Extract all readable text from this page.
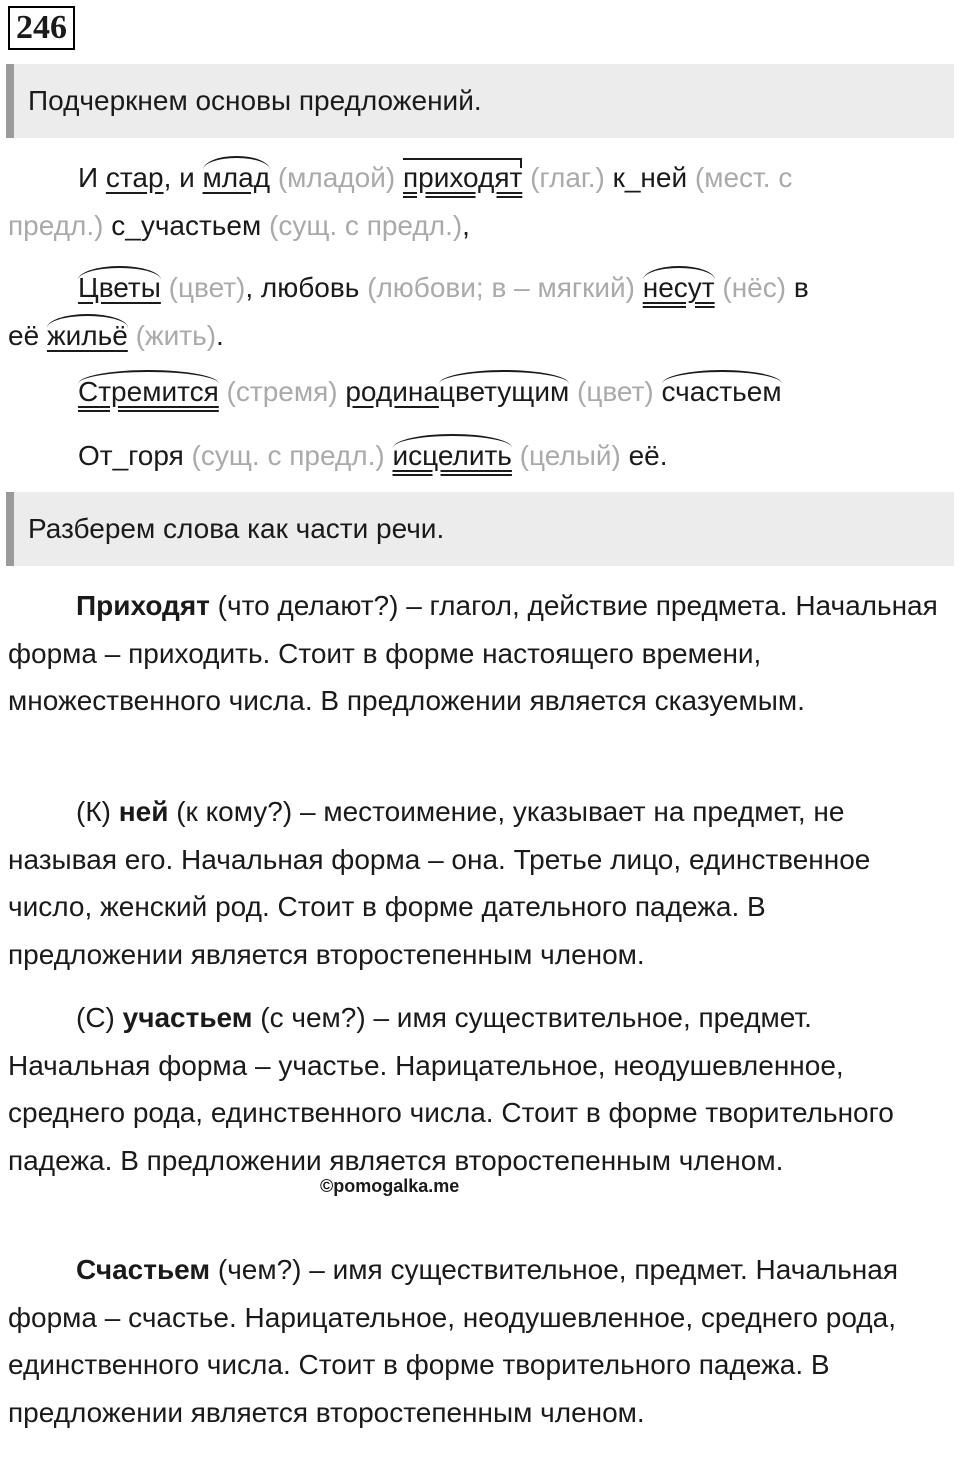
246
Подчеркнем основы предложений.
И стар, и млад (младой) приходят (глаг.) к_ней (мест. с
предл.) с_участьем (сущ. с предл.),
Цветы (цвет), любовь (любови; в – мягкий) несут (нёс) в
её жильё (жить).
Стремится (стремя) родинацветущим (цвет) счастьем
От_горя (сущ. с предл.) исцелить (целый) её.
Разберем слова как части речи.
Приходят (что делают?) – глагол, действие предмета. Начальная форма – приходить. Стоит в форме настоящего времени, множественного числа. В предложении является сказуемым.
(К) ней (к кому?) – местоимение, указывает на предмет, не называя его. Начальная форма – она. Третье лицо, единственное число, женский род. Стоит в форме дательного падежа. В предложении является второстепенным членом.
(С) участьем (с чем?) – имя существительное, предмет. Начальная форма – участье. Нарицательное, неодушевленное, среднего рода, единственного числа. Стоит в форме творительного падежа. В предложении является второстепенным членом.
©pomogalka.me
Счастьем (чем?) – имя существительное, предмет. Начальная форма – счастье. Нарицательное, неодушевленное, среднего рода, единственного числа. Стоит в форме творительного падежа. В предложении является второстепенным членом.
